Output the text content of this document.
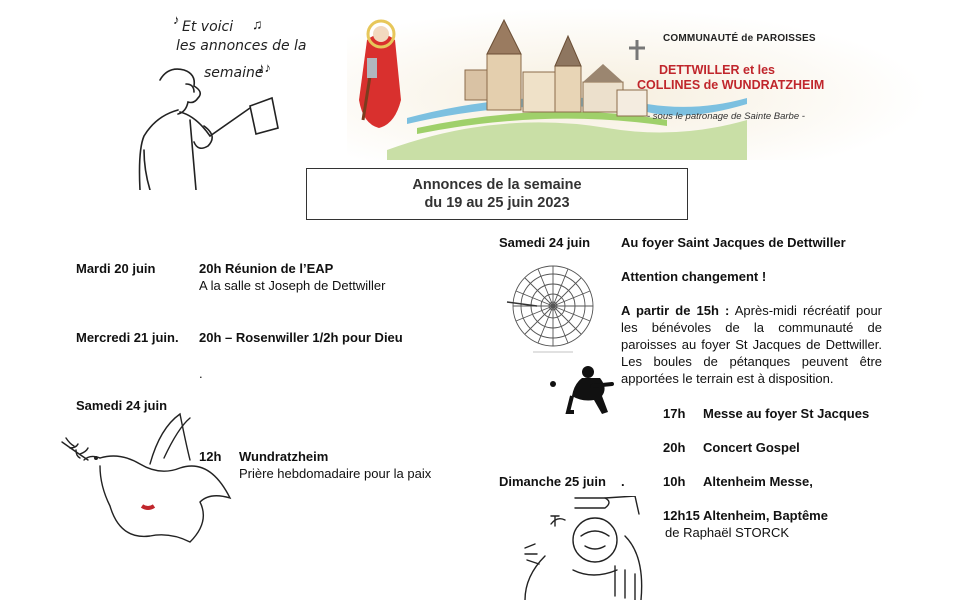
Et voici
les annonces de la
semaine
♪	♫
♪♪
COMMUNAUTÉ de PAROISSES
DETTWILLER et les
COLLINES de WUNDRATZHEIM
- sous le patronage de Sainte Barbe -
Annonces de la semaine
du 19 au 25 juin 2023
Mardi 20 juin	20h Réunion de l’EAP
A la salle st Joseph de Dettwiller
Mercredi 21 juin. 20h – Rosenwiller 1/2h pour Dieu
.
Samedi 24 juin
12h Wundratzheim
Prière hebdomadaire pour la paix
Samedi 24 juin Au foyer Saint Jacques de Dettwiller
Attention changement !
A partir de 15h : Après-midi récréatif pour les bénévoles de la communauté de paroisses au foyer St Jacques de Dettwiller. Les boules de pétanques peuvent être apportées le terrain est à disposition.
17h Messe au foyer St Jacques
20h Concert Gospel
Dimanche 25 juin .	10h Altenheim Messe,
12h15 Altenheim, Baptême
de Raphaël STORCK
